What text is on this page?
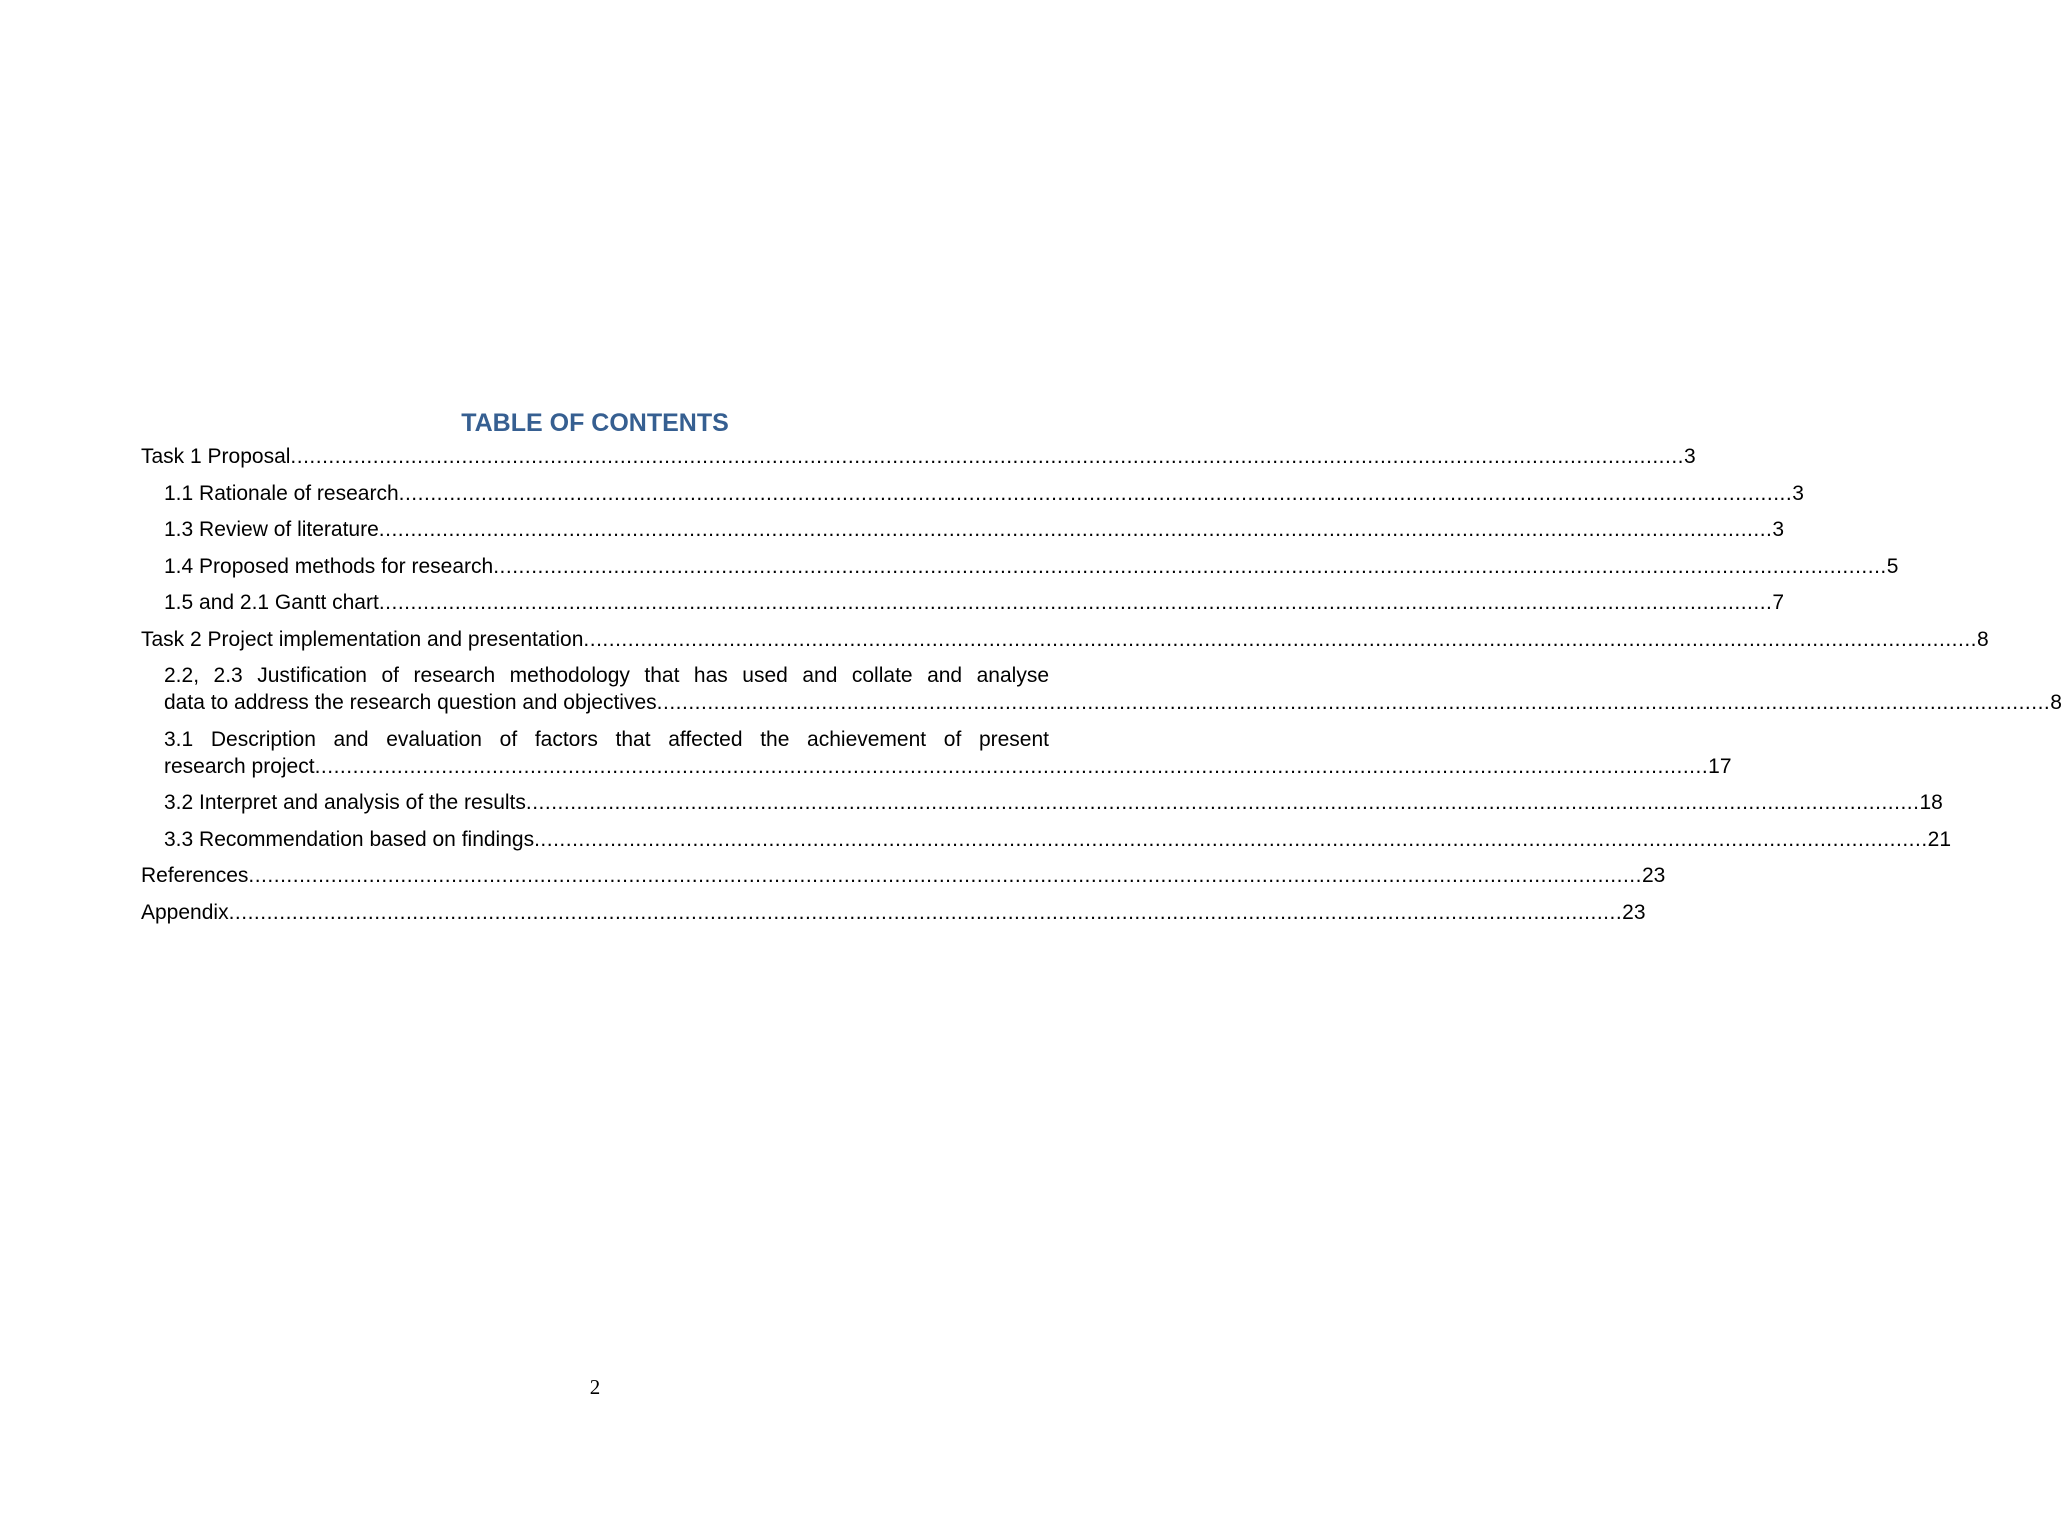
TABLE OF CONTENTS
Task 1 Proposal ............................................................................................................................................................................................................................ 3
1.1 Rationale of research ............................................................................................................................................................................................................................ 3
1.3 Review of literature ............................................................................................................................................................................................................................ 3
1.4 Proposed methods for research ............................................................................................................................................................................................................................ 5
1.5 and 2.1 Gantt chart ............................................................................................................................................................................................................................ 7
Task 2 Project implementation and presentation ............................................................................................................................................................................................................................ 8
2.2, 2.3 Justification of research methodology that has used and collate and analyse
data to address the research question and objectives ............................................................................................................................................................................................................................ 8
3.1 Description and evaluation of factors that affected the achievement of present
research project ............................................................................................................................................................................................................................ 17
3.2 Interpret and analysis of the results ............................................................................................................................................................................................................................ 18
3.3 Recommendation based on findings ............................................................................................................................................................................................................................ 21
References ............................................................................................................................................................................................................................ 23
Appendix ............................................................................................................................................................................................................................ 23
2
